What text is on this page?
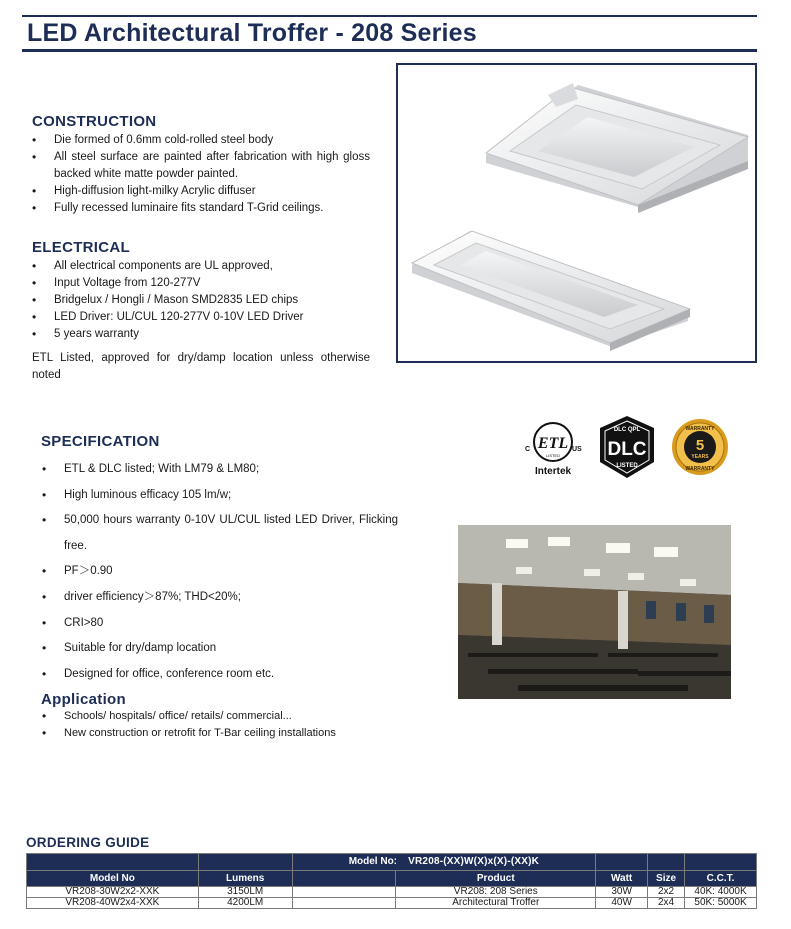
LED Architectural Troffer - 208 Series
CONSTRUCTION
• Die formed of 0.6mm cold-rolled steel body
• All steel surface are painted after fabrication with high gloss backed white matte powder painted.
• High-diffusion light-milky Acrylic diffuser
• Fully recessed luminaire fits standard T-Grid ceilings.
ELECTRICAL
• All electrical components are UL approved,
• Input Voltage from 120-277V
• Bridgelux / Hongli / Mason SMD2835 LED chips
• LED Driver: UL/CUL 120-277V 0-10V LED Driver
• 5 years warranty

ETL Listed, approved for dry/damp location unless otherwise noted

SPECIFICATION
• ETL & DLC listed; With LM79 & LM80;
• High luminous efficacy 105 lm/w;
• 50,000 hours warranty 0-10V UL/CUL listed LED Driver, Flicking free.
• PF＞0.90
• driver efficiency＞87%; THD<20%;
• CRI>80
• Suitable for dry/damp location
• Designed for office, conference room etc.
ETL
C	US
LISTED
Intertek
DLC QPL
DLC
LISTED
WARRANTY
5
YEARS
WARRANTY
Application
• Schools/ hospitals/ office/ retails/ commercial...
• New construction or retrofit for T-Bar ceiling installations
ORDERING GUIDE
		Model No: VR208-(XX)W(X)x(X)-(XX)K				
Model No	Lumens		Product	Watt	Size	C.C.T.
VR208-30W2x2-XXK	3150LM		VR208: 208 Series	30W	2x2	40K: 4000K
VR208-40W2x4-XXK	4200LM		Architectural Troffer	40W	2x4	50K: 5000K
